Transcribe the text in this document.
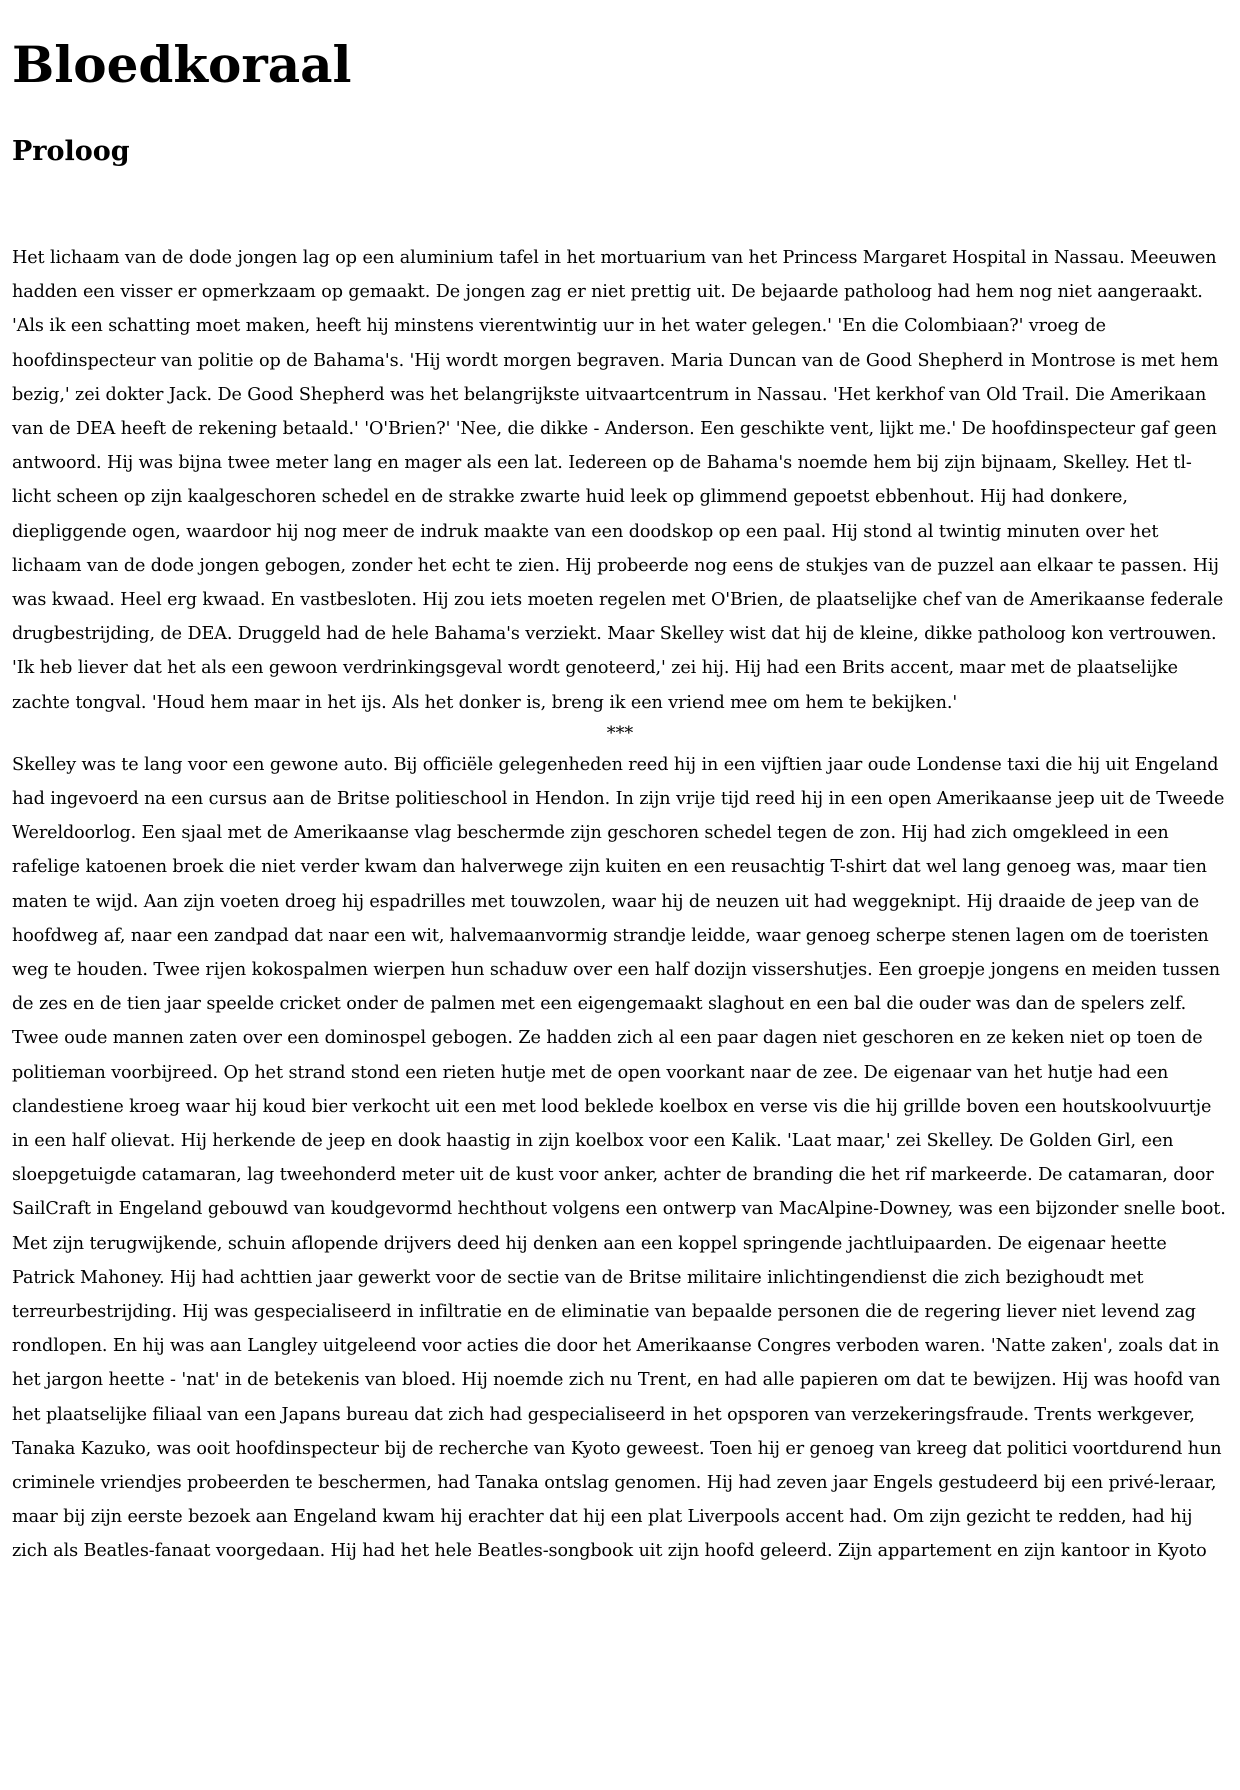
Bloedkoraal
Proloog

Het lichaam van de dode jongen lag op een aluminium tafel in het mortuarium van het Princess Margaret Hospital in Nassau. Meeuwen hadden een visser er opmerkzaam op gemaakt. De jongen zag er niet prettig uit. De bejaarde patholoog had hem nog niet aangeraakt. 'Als ik een schatting moet maken, heeft hij minstens vierentwintig uur in het water gelegen.' 'En die Colombiaan?' vroeg de hoofdinspecteur van politie op de Bahama's. 'Hij wordt morgen begraven. Maria Duncan van de Good Shepherd in Montrose is met hem bezig,' zei dokter Jack. De Good Shepherd was het belangrijkste uitvaartcentrum in Nassau. 'Het kerkhof van Old Trail. Die Amerikaan van de DEA heeft de rekening betaald.' 'O'Brien?' 'Nee, die dikke - Anderson. Een geschikte vent, lijkt me.' De hoofdinspecteur gaf geen antwoord. Hij was bijna twee meter lang en mager als een lat. Iedereen op de Bahama's noemde hem bij zijn bijnaam, Skelley. Het tl-licht scheen op zijn kaalgeschoren schedel en de strakke zwarte huid leek op glimmend gepoetst ebbenhout. Hij had donkere, diepliggende ogen, waardoor hij nog meer de indruk maakte van een doodskop op een paal. Hij stond al twintig minuten over het lichaam van de dode jongen gebogen, zonder het echt te zien. Hij probeerde nog eens de stukjes van de puzzel aan elkaar te passen. Hij was kwaad. Heel erg kwaad. En vastbesloten. Hij zou iets moeten regelen met O'Brien, de plaatselijke chef van de Amerikaanse federale drugbestrijding, de DEA. Druggeld had de hele Bahama's verziekt. Maar Skelley wist dat hij de kleine, dikke patholoog kon vertrouwen. 'Ik heb liever dat het als een gewoon verdrinkingsgeval wordt genoteerd,' zei hij. Hij had een Brits accent, maar met de plaatselijke zachte tongval. 'Houd hem maar in het ijs. Als het donker is, breng ik een vriend mee om hem te bekijken.'

***

Skelley was te lang voor een gewone auto. Bij officiële gelegenheden reed hij in een vijftien jaar oude Londense taxi die hij uit Engeland had ingevoerd na een cursus aan de Britse politieschool in Hendon. In zijn vrije tijd reed hij in een open Amerikaanse jeep uit de Tweede Wereldoorlog. Een sjaal met de Amerikaanse vlag beschermde zijn geschoren schedel tegen de zon. Hij had zich omgekleed in een rafelige katoenen broek die niet verder kwam dan halverwege zijn kuiten en een reusachtig T-shirt dat wel lang genoeg was, maar tien maten te wijd. Aan zijn voeten droeg hij espadrilles met touwzolen, waar hij de neuzen uit had weggeknipt. Hij draaide de jeep van de hoofdweg af, naar een zandpad dat naar een wit, halvemaanvormig strandje leidde, waar genoeg scherpe stenen lagen om de toeristen weg te houden. Twee rijen kokospalmen wierpen hun schaduw over een half dozijn vissershutjes. Een groepje jongens en meiden tussen de zes en de tien jaar speelde cricket onder de palmen met een eigengemaakt slaghout en een bal die ouder was dan de spelers zelf. Twee oude mannen zaten over een dominospel gebogen. Ze hadden zich al een paar dagen niet geschoren en ze keken niet op toen de politieman voorbijreed. Op het strand stond een rieten hutje met de open voorkant naar de zee. De eigenaar van het hutje had een clandestiene kroeg waar hij koud bier verkocht uit een met lood beklede koelbox en verse vis die hij grillde boven een houtskoolvuurtje in een half olievat. Hij herkende de jeep en dook haastig in zijn koelbox voor een Kalik. 'Laat maar,' zei Skelley. De Golden Girl, een sloepgetuigde catamaran, lag tweehonderd meter uit de kust voor anker, achter de branding die het rif markeerde. De catamaran, door SailCraft in Engeland gebouwd van koudgevormd hechthout volgens een ontwerp van MacAlpine-Downey, was een bijzonder snelle boot. Met zijn terugwijkende, schuin aflopende drijvers deed hij denken aan een koppel springende jachtluipaarden. De eigenaar heette Patrick Mahoney. Hij had achttien jaar gewerkt voor de sectie van de Britse militaire inlichtingendienst die zich bezighoudt met terreurbestrijding. Hij was gespecialiseerd in infiltratie en de eliminatie van bepaalde personen die de regering liever niet levend zag rondlopen. En hij was aan Langley uitgeleend voor acties die door het Amerikaanse Congres verboden waren. 'Natte zaken', zoals dat in het jargon heette - 'nat' in de betekenis van bloed. Hij noemde zich nu Trent, en had alle papieren om dat te bewijzen. Hij was hoofd van het plaatselijke filiaal van een Japans bureau dat zich had gespecialiseerd in het opsporen van verzekeringsfraude. Trents werkgever, Tanaka Kazuko, was ooit hoofdinspecteur bij de recherche van Kyoto geweest. Toen hij er genoeg van kreeg dat politici voortdurend hun criminele vriendjes probeerden te beschermen, had Tanaka ontslag genomen. Hij had zeven jaar Engels gestudeerd bij een privé-leraar, maar bij zijn eerste bezoek aan Engeland kwam hij erachter dat hij een plat Liverpools accent had. Om zijn gezicht te redden, had hij zich als Beatles-fanaat voorgedaan. Hij had het hele Beatles-songbook uit zijn hoofd geleerd. Zijn appartement en zijn kantoor in Kyoto
